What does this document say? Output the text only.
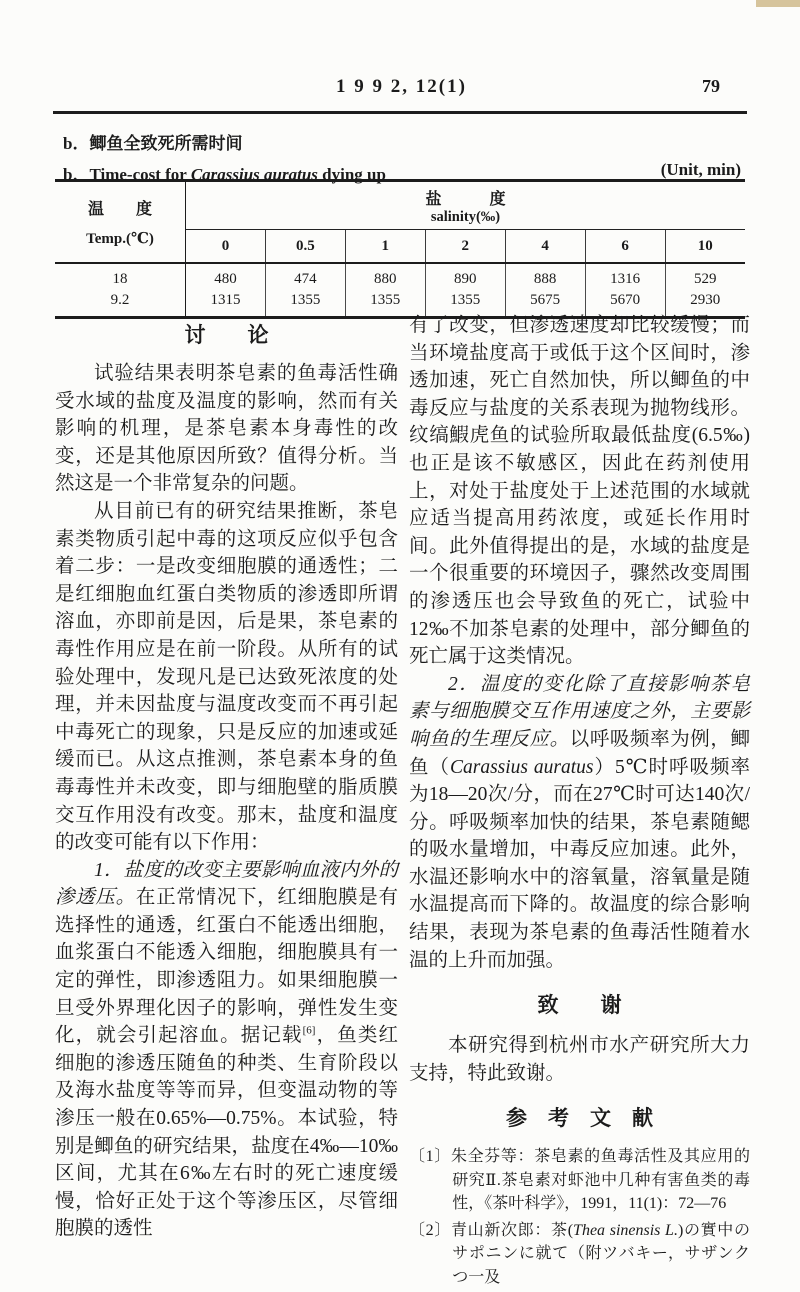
1 9 9 2, 12(1)	79
b．鲫鱼全致死所需时间
b．Time-cost for Carassius auratus dying up	(Unit, min)
温　　度
Temp.(℃)

盐　　　度
salinity(‰)

	0	0.5	1	2	4	6	10
18	480	474	880	890	888	1316	529
9.2	1315	1355	1355	1355	5675	5670	2930
讨　　论

试验结果表明茶皂素的鱼毒活性确受水域的盐度及温度的影响，然而有关影响的机理，是茶皂素本身毒性的改变，还是其他原因所致？值得分析。当然这是一个非常复杂的问题。

从目前已有的研究结果推断，茶皂素类物质引起中毒的这项反应似乎包含着二步：一是改变细胞膜的通透性；二是红细胞血红蛋白类物质的渗透即所谓溶血，亦即前是因，后是果，茶皂素的毒性作用应是在前一阶段。从所有的试验处理中，发现凡是已达致死浓度的处理，并未因盐度与温度改变而不再引起中毒死亡的现象，只是反应的加速或延缓而已。从这点推测，茶皂素本身的鱼毒毒性并未改变，即与细胞壁的脂质膜交互作用没有改变。那末，盐度和温度的改变可能有以下作用：

1．盐度的改变主要影响血液内外的渗透压。在正常情况下，红细胞膜是有选择性的通透，红蛋白不能透出细胞，血浆蛋白不能透入细胞，细胞膜具有一定的弹性，即渗透阻力。如果细胞膜一旦受外界理化因子的影响，弹性发生变化，就会引起溶血。据记载[6]，鱼类红细胞的渗透压随鱼的种类、生育阶段以及海水盐度等等而异，但变温动物的等渗压一般在0.65%—0.75%。本试验，特别是鲫鱼的研究结果，盐度在4‰—10‰区间，尤其在6‰左右时的死亡速度缓慢，恰好正处于这个等渗压区，尽管细胞膜的透性

有了改变，但渗透速度却比较缓慢；而当环境盐度高于或低于这个区间时，渗透加速，死亡自然加快，所以鲫鱼的中毒反应与盐度的关系表现为抛物线形。纹缟鰕虎鱼的试验所取最低盐度(6.5‰)也正是该不敏感区，因此在药剂使用上，对处于盐度处于上述范围的水域就应适当提高用药浓度，或延长作用时间。此外值得提出的是，水域的盐度是一个很重要的环境因子，骤然改变周围的渗透压也会导致鱼的死亡，试验中12‰不加茶皂素的处理中，部分鲫鱼的死亡属于这类情况。

2．温度的变化除了直接影响茶皂素与细胞膜交互作用速度之外，主要影响鱼的生理反应。以呼吸频率为例，鲫鱼（Carassius auratus）5℃时呼吸频率为18—20次/分，而在27℃时可达140次/分。呼吸频率加快的结果，茶皂素随鳃的吸水量增加，中毒反应加速。此外，水温还影响水中的溶氧量，溶氧量是随水温提高而下降的。故温度的综合影响结果，表现为茶皂素的鱼毒活性随着水温的上升而加强。

致　　谢

本研究得到杭州市水产研究所大力支持，特此致谢。

参　考　文　献
〔1〕朱全芬等：茶皂素的鱼毒活性及其应用的研究Ⅱ.茶皂素对虾池中几种有害鱼类的毒性，《茶叶科学》，1991，11(1)：72—76
〔2〕青山新次郎：茶(Thea sinensis L.)の實中のサポニンに就て（附ツバキー，サザンクつ一及
